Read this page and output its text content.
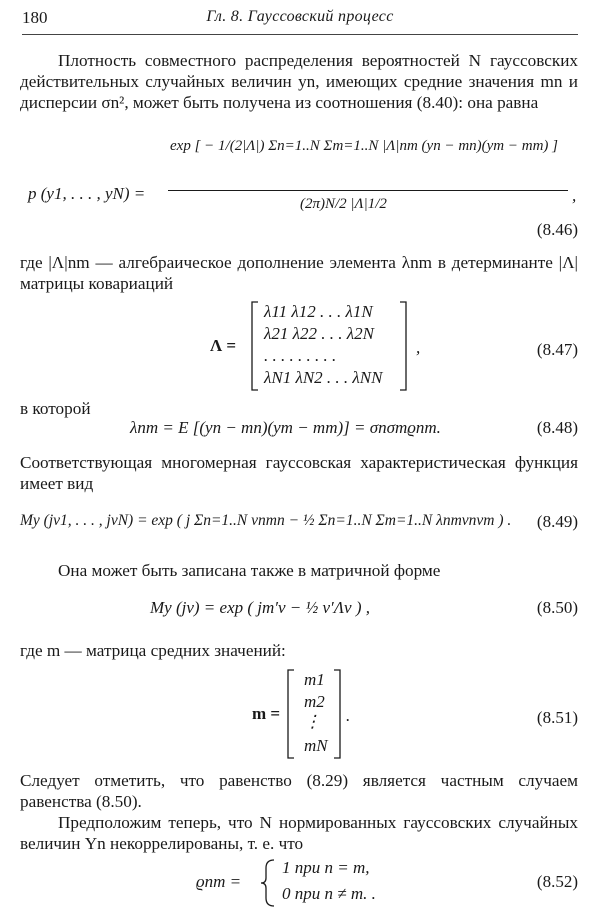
180	Гл. 8. Гауссовский процесс
Плотность совместного распределения вероятностей N гауссовских действительных случайных величин yn, имеющих средние значения mn и дисперсии σn², может быть получена из соотношения (8.40): она равна
p (y1, . . . , yN) =
exp [ − 1/(2|Λ|) Σn=1..N Σm=1..N |Λ|nm (yn − mn)(ym − mm) ]
(2π)N/2 |Λ|1/2	,
(8.46)
где |Λ|nm — алгебраическое дополнение элемента λnm в детерминанте |Λ| матрицы ковариаций
Λ =
λ11 λ12 . . . λ1N
λ21 λ22 . . . λ2N
. . . . . . . . .
λN1 λN2 . . . λNN
,	(8.47)
в которой
λnm = E [(yn − mn)(ym − mm)] = σnσmϱnm.	(8.48)
Соответствующая многомерная гауссовская характеристическая функция имеет вид
My (jv1, . . . , jvN) = exp ( j Σn=1..N vnmn − ½ Σn=1..N Σm=1..N λnmvnvm ) . (8.49)
Она может быть записана также в матричной форме
My (jv) = exp ( jm′v − ½ v′Λv ) ,	(8.50)
где m — матрица средних значений:
m =
m1
m2
⋮
mN
.	(8.51)
Следует отметить, что равенство (8.29) является частным случаем равенства (8.50).
Предположим теперь, что N нормированных гауссовских случайных величин Yn некоррелированы, т. е. что
ϱnm =
1 при n = m,
0 при n ≠ m. .
(8.52)
